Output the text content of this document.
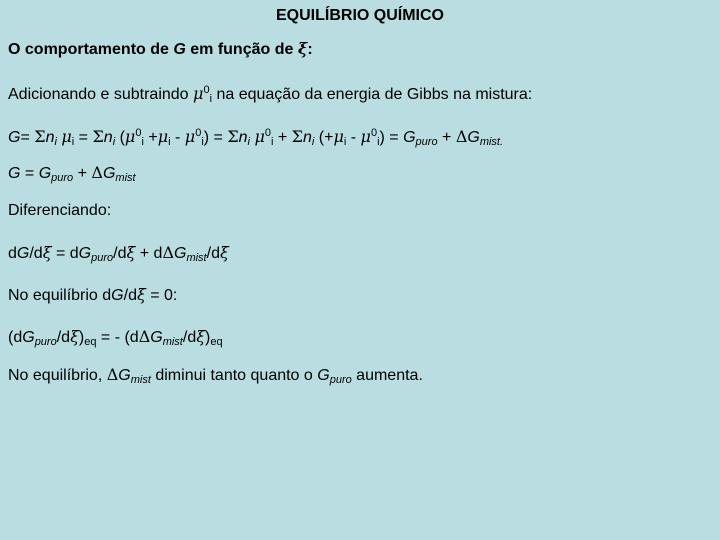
EQUILÍBRIO QUÍMICO
O comportamento de G em função de ξ:
Adicionando e subtraindo $\mu^0_i$ na equação da energia de Gibbs na mistura:
$G= \Sigma n_i$ $\mu_i = \Sigma n_i$ $(\mu^0_i +\mu_i - \mu^0_i) = \Sigma n_i$ $\mu^0_i + \Sigma n_i$ $(+\mu_i - \mu^0_i) = G_{puro} + \Delta G_{mist.}$
$G = G_{puro} + \Delta G_{mist}$
Diferenciando:
$dG/d\xi = dG_{puro}/d\xi + d\Delta G_{mist}/d\xi$
No equilíbrio dG/dξ = 0:
$(dG_{puro}/d\xi)_{eq}$ = - $(d\Delta G_{mist}/d\xi)_{eq}$
No equilíbrio, $\Delta G_{mist}$ diminui tanto quanto o $G_{puro}$ aumenta.
